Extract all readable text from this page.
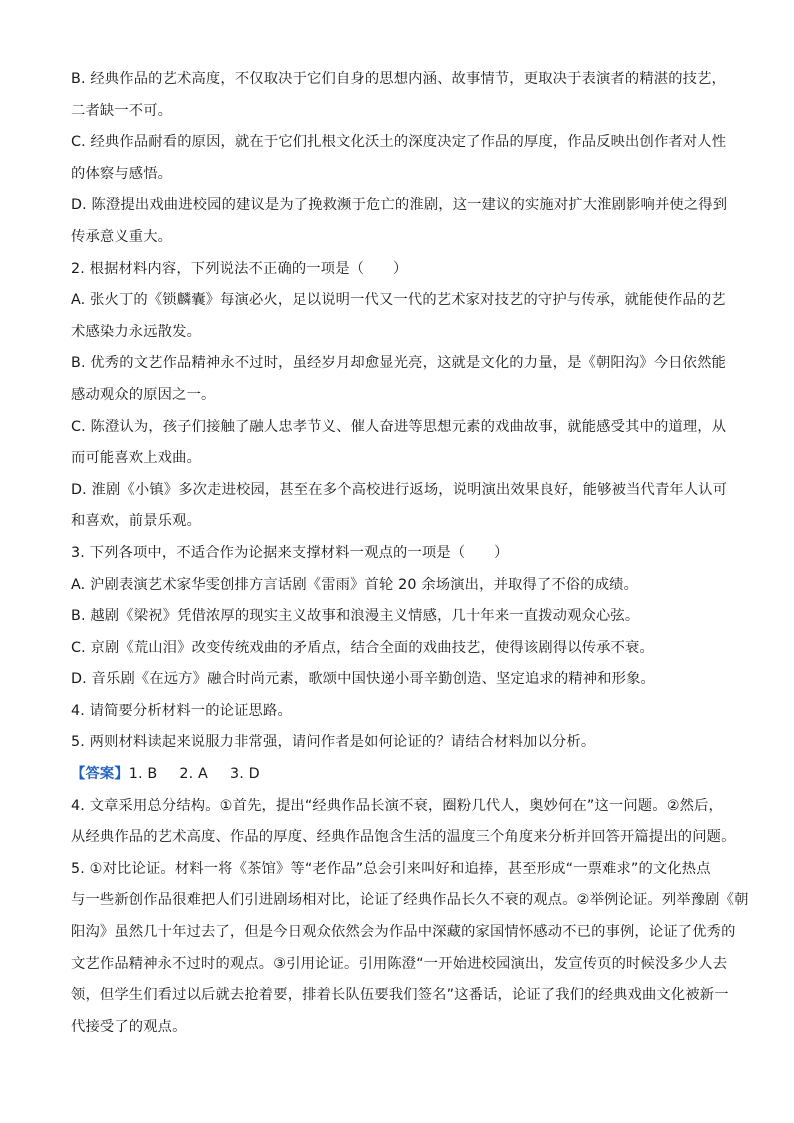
B. 经典作品的艺术高度，不仅取决于它们自身的思想内涵、故事情节，更取决于表演者的精湛的技艺，
二者缺一不可。
C. 经典作品耐看的原因，就在于它们扎根文化沃土的深度决定了作品的厚度，作品反映出创作者对人性
的体察与感悟。
D. 陈澄提出戏曲进校园的建议是为了挽救濒于危亡的淮剧，这一建议的实施对扩大淮剧影响并使之得到
传承意义重大。
2. 根据材料内容，下列说法不正确的一项是（　　）
A. 张火丁的《锁麟囊》每演必火，足以说明一代又一代的艺术家对技艺的守护与传承，就能使作品的艺
术感染力永远散发。
B. 优秀的文艺作品精神永不过时，虽经岁月却愈显光亮，这就是文化的力量，是《朝阳沟》今日依然能
感动观众的原因之一。
C. 陈澄认为，孩子们接触了融人忠孝节义、催人奋进等思想元素的戏曲故事，就能感受其中的道理，从
而可能喜欢上戏曲。
D. 淮剧《小镇》多次走进校园，甚至在多个高校进行返场，说明演出效果良好，能够被当代青年人认可
和喜欢，前景乐观。
3. 下列各项中，不适合作为论据来支撑材料一观点的一项是（　　）
A. 沪剧表演艺术家华雯创排方言话剧《雷雨》首轮 20 余场演出，并取得了不俗的成绩。
B. 越剧《梁祝》凭借浓厚的现实主义故事和浪漫主义情感，几十年来一直拨动观众心弦。
C. 京剧《荒山泪》改变传统戏曲的矛盾点，结合全面的戏曲技艺，使得该剧得以传承不衰。
D. 音乐剧《在远方》融合时尚元素，歌颂中国快递小哥辛勤创造、坚定追求的精神和形象。
4. 请简要分析材料一的论证思路。
5. 两则材料读起来说服力非常强，请问作者是如何论证的？请结合材料加以分析。
【答案】1. B 2. A 3. D
4. 文章采用总分结构。①首先，提出“经典作品长演不衰，圈粉几代人，奥妙何在”这一问题。②然后，
从经典作品的艺术高度、作品的厚度、经典作品饱含生活的温度三个角度来分析并回答开篇提出的问题。
5. ①对比论证。材料一将《茶馆》等“老作品”总会引来叫好和追捧，甚至形成“一票难求”的文化热点
与一些新创作品很难把人们引进剧场相对比，论证了经典作品长久不衰的观点。②举例论证。列举豫剧《朝
阳沟》虽然几十年过去了，但是今日观众依然会为作品中深藏的家国情怀感动不已的事例，论证了优秀的
文艺作品精神永不过时的观点。③引用论证。引用陈澄“一开始进校园演出，发宣传页的时候没多少人去
领，但学生们看过以后就去抢着要，排着长队伍要我们签名”这番话，论证了我们的经典戏曲文化被新一
代接受了的观点。
